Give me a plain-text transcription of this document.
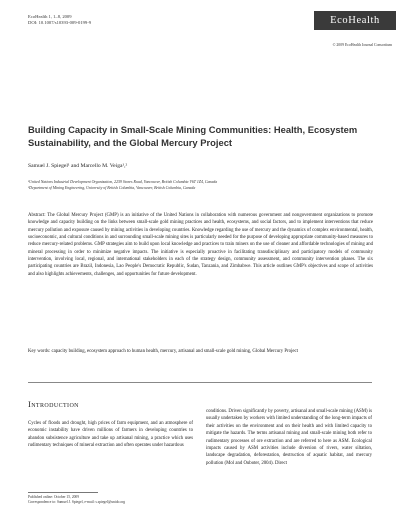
EcoHealth 1, 1–8, 2009
DOI: 10.1007/s10393-009-0199-9	EcoHealth
© 2009 EcoHealth Journal Consortium
Building Capacity in Small-Scale Mining Communities: Health, Ecosystem Sustainability, and the Global Mercury Project
Samuel J. Spiegel¹ and Marcello M. Veiga¹,²
¹United Nations Industrial Development Organization, 2259 Stores Road, Vancouver, British Columbia V6T 1Z4, Canada
²Department of Mining Engineering, University of British Columbia, Vancouver, British Columbia, Canada
Abstract: The Global Mercury Project (GMP) is an initiative of the United Nations in collaboration with numerous government and nongovernment organizations to promote knowledge and capacity building on the links between small-scale gold mining practices and health, ecosystems, and social factors, and to implement interventions that reduce mercury pollution and exposure caused by mining activities in developing countries. Knowledge regarding the use of mercury and the dynamics of complex environmental, health, socioeconomic, and cultural conditions in and surrounding small-scale mining sites is particularly needed for the purpose of developing appropriate community-based measures to reduce mercury-related problems. GMP strategies aim to build upon local knowledge and practices to train miners on the use of cleaner and affordable technologies of mining and mineral processing in order to minimize negative impacts. The initiative is especially proactive in facilitating transdisciplinary and participatory models of community intervention, involving local, regional, and international stakeholders in each of the strategy design, community assessment, and community intervention phases. The six participating countries are Brazil, Indonesia, Lao People's Democratic Republic, Sudan, Tanzania, and Zimbabwe. This article outlines GMP's objectives and scope of activities and also highlights achievements, challenges, and opportunities for future development.
Key words: capacity building, ecosystem approach to human health, mercury, artisanal and small-scale gold mining, Global Mercury Project
Introduction
Cycles of floods and drought, high prices of farm equipment, and an atmosphere of economic instability have driven millions of farmers in developing countries to abandon subsistence agriculture and take up artisanal mining, a practice which uses rudimentary techniques of mineral extraction and often operates under hazardous
conditions. Driven significantly by poverty, artisanal and small-scale mining (ASM) is usually undertaken by workers with limited understanding of the long-term impacts of their activities on the environment and on their health and with limited capacity to mitigate the hazards. The terms artisanal mining and small-scale mining both refer to rudimentary processes of ore extraction and are referred to here as ASM. Ecological impacts caused by ASM activities include diversion of rivers, water siltation, landscape degradation, deforestation, destruction of aquatic habitat, and mercury pollution (Mol and Ouboter, 2004). Direct
Published online: October 15, 2009
Correspondence to: Samuel J. Spiegel, e-mail: s.spiegel@unido.org
